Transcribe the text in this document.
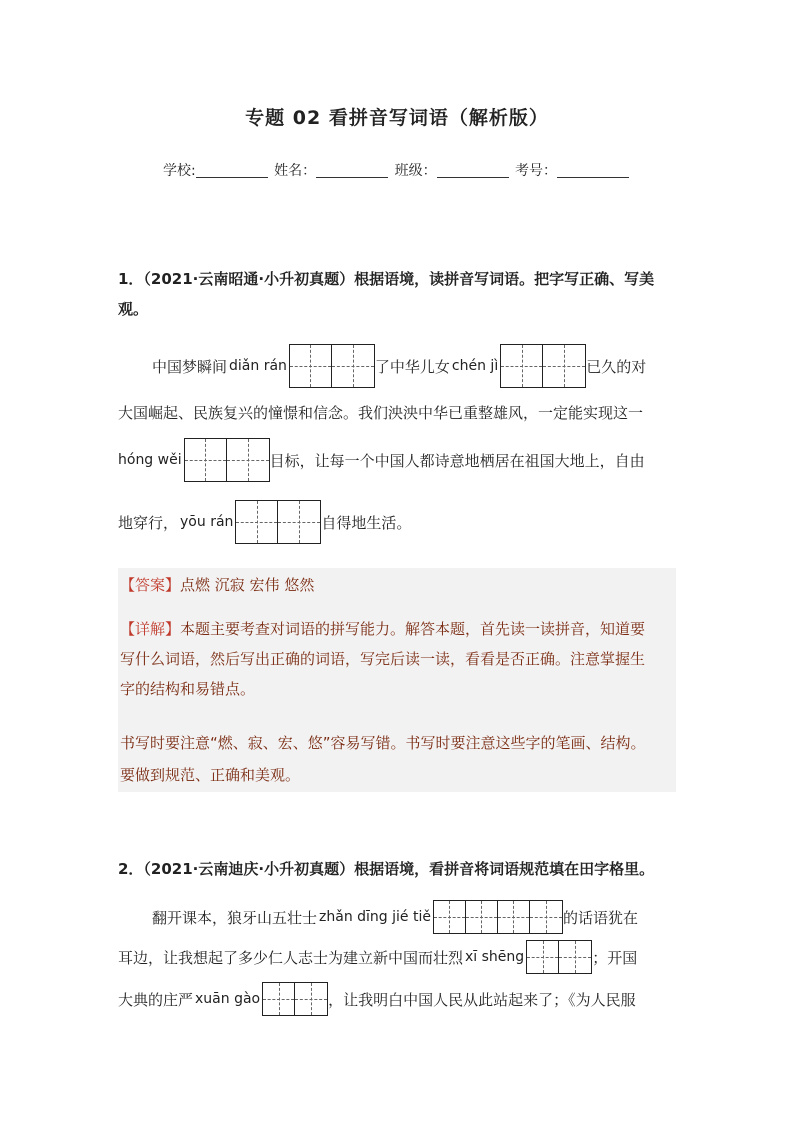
专题 02 看拼音写词语（解析版）
学校:	姓名：	班级：	考号：
1．（2021·云南昭通·小升初真题）根据语境，读拼音写词语。把字写正确、写美观。
中国梦瞬间 diǎn rán	了中华儿女 chén jì	已久的对
大国崛起、民族复兴的憧憬和信念。我们泱泱中华已重整雄风，一定能实现这一
hóng wěi	目标，让每一个中国人都诗意地栖居在祖国大地上，自由
地穿行， yōu rán	自得地生活。
【答案】点燃 沉寂 宏伟 悠然
【详解】本题主要考查对词语的拼写能力。解答本题，首先读一读拼音，知道要
写什么词语，然后写出正确的词语，写完后读一读，看看是否正确。注意掌握生
字的结构和易错点。
书写时要注意“燃、寂、宏、悠”容易写错。书写时要注意这些字的笔画、结构。
要做到规范、正确和美观。
2．（2021·云南迪庆·小升初真题）根据语境，看拼音将词语规范填在田字格里。
翻开课本，狼牙山五壮士 zhǎn dīng jié tiě	的话语犹在
耳边，让我想起了多少仁人志士为建立新中国而壮烈 xī shēng	；开国
大典的庄严 xuān gào	，让我明白中国人民从此站起来了；《为人民服
